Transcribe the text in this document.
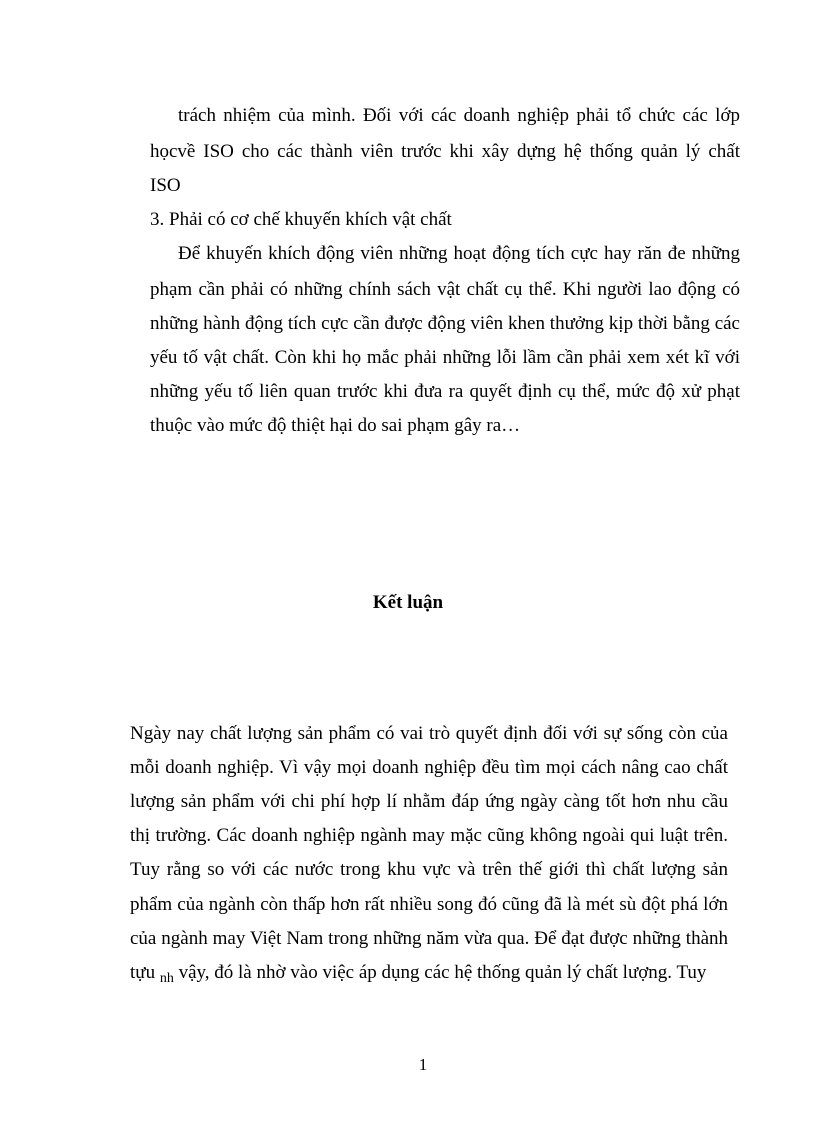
trách nhiệm của mình. Đối với các doanh nghiệp phải tổ chức các lớp
họcvề ISO cho các thành viên trước khi xây dựng hệ thống quản lý chất
ISO
3. Phải có cơ chế khuyến khích vật chất
Để khuyến khích động viên những hoạt động tích cực hay răn đe những
phạm cần phải có những chính sách vật chất cụ thể. Khi người lao động có
những hành động tích cực cần được động viên khen thưởng kịp thời bằng các
yếu tố vật chất. Còn khi họ mắc phải những lỗi lầm cần phải xem xét kĩ với
những yếu tố liên quan trước khi đưa ra quyết định cụ thể, mức độ xử phạt
thuộc vào mức độ thiệt hại do sai phạm gây ra…
Kết luận
Ngày nay chất lượng sản phẩm có vai trò quyết định đối với sự sống còn của
mỗi doanh nghiệp. Vì vậy mọi doanh nghiệp đều tìm mọi cách nâng cao chất
lượng sản phẩm với chi phí hợp lí nhằm đáp ứng ngày càng tốt hơn nhu cầu
thị trường. Các doanh nghiệp ngành may mặc cũng không ngoài qui luật trên.
Tuy rằng so với các nước trong khu vực và trên thế giới thì chất lượng sản
phẩm của ngành còn thấp hơn rất nhiều song đó cũng đã là mét sù đột phá lớn
của ngành may Việt Nam trong những năm vừa qua. Để đạt được những thành
tựu $_{nh}$ vậy, đó là nhờ vào việc áp dụng các hệ thống quản lý chất lượng. Tuy
1
